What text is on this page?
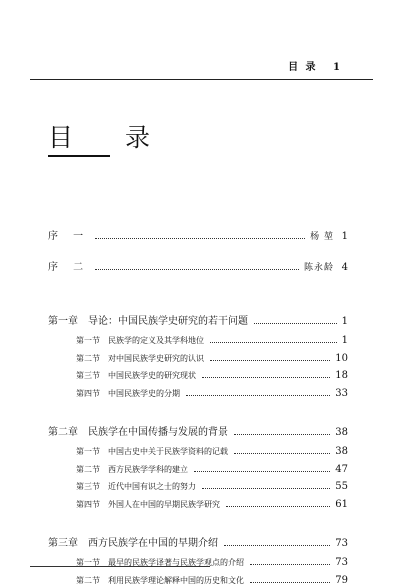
目 录 1
目 录
序 一	杨 堃 1
序 二	陈永龄 4
第一章 导论：中国民族学史研究的若干问题	1
第一节 民族学的定义及其学科地位	1
第二节 对中国民族学史研究的认识	10
第三节 中国民族学史的研究现状	18
第四节 中国民族学史的分期	33
第二章 民族学在中国传播与发展的背景	38
第一节 中国古史中关于民族学资料的记载	38
第二节 西方民族学学科的建立	47
第三节 近代中国有识之士的努力	55
第四节 外国人在中国的早期民族学研究	61
第三章 西方民族学在中国的早期介绍	73
第一节 最早的民族学译著与民族学观点的介绍	73
第二节 利用民族学理论解释中国的历史和文化	79
